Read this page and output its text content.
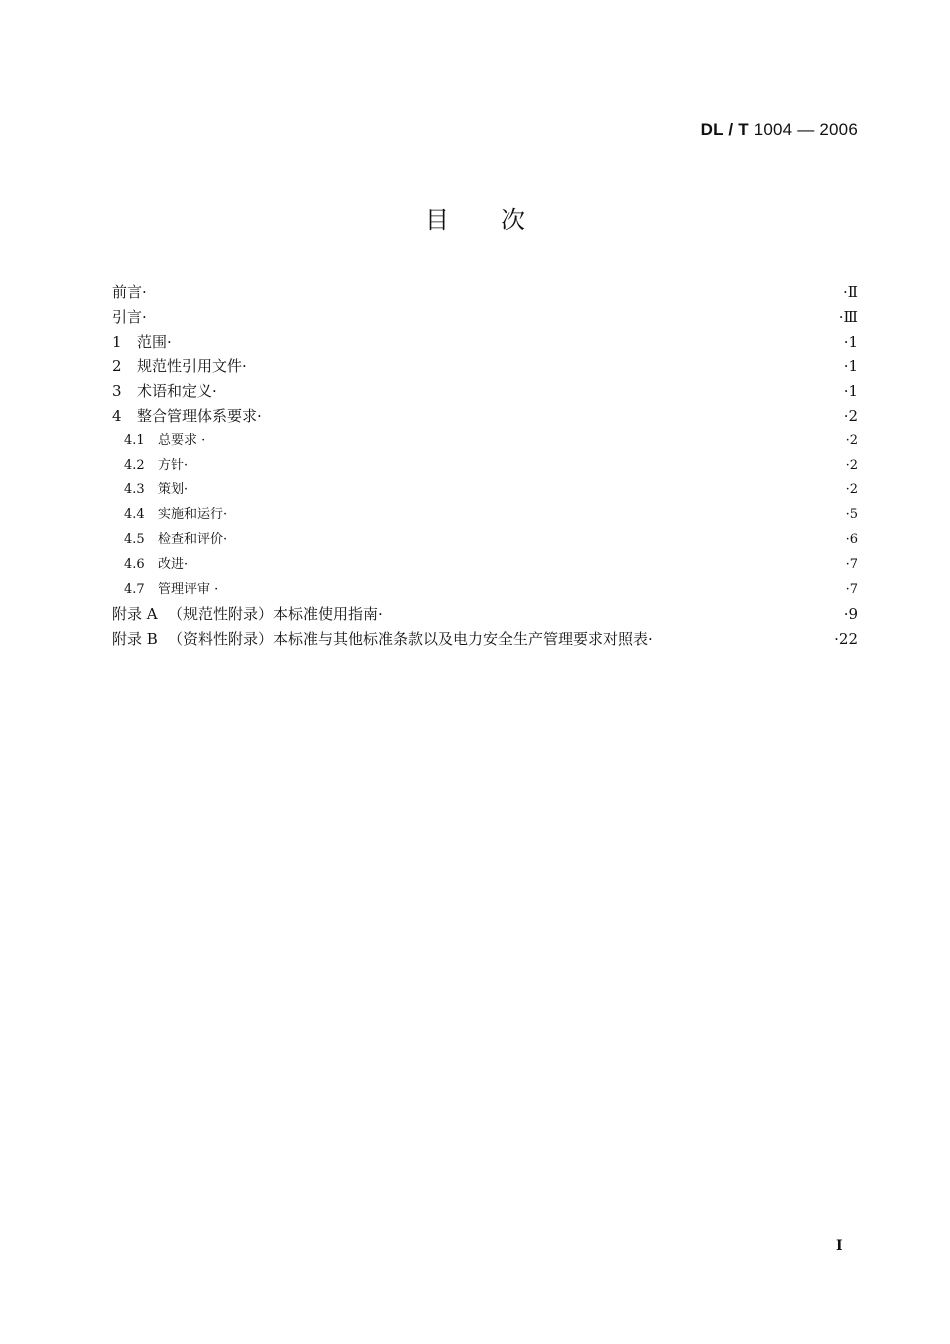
DL / T 1004 — 2006
目次
前言·	·Ⅱ
引言·	·Ⅲ
1	范围·	·1
2	规范性引用文件·	·1
3	术语和定义·	·1
4	整合管理体系要求·	·2
4.1	总要求 ·	·2
4.2	方针·	·2
4.3	策划·	·2
4.4	实施和运行·	·5
4.5	检查和评价·	·6
4.6	改进·	·7
4.7	管理评审 ·	·7
附录 A （规范性附录）本标准使用指南·	·9
附录 B （资料性附录）本标准与其他标准条款以及电力安全生产管理要求对照表·	·22
I
